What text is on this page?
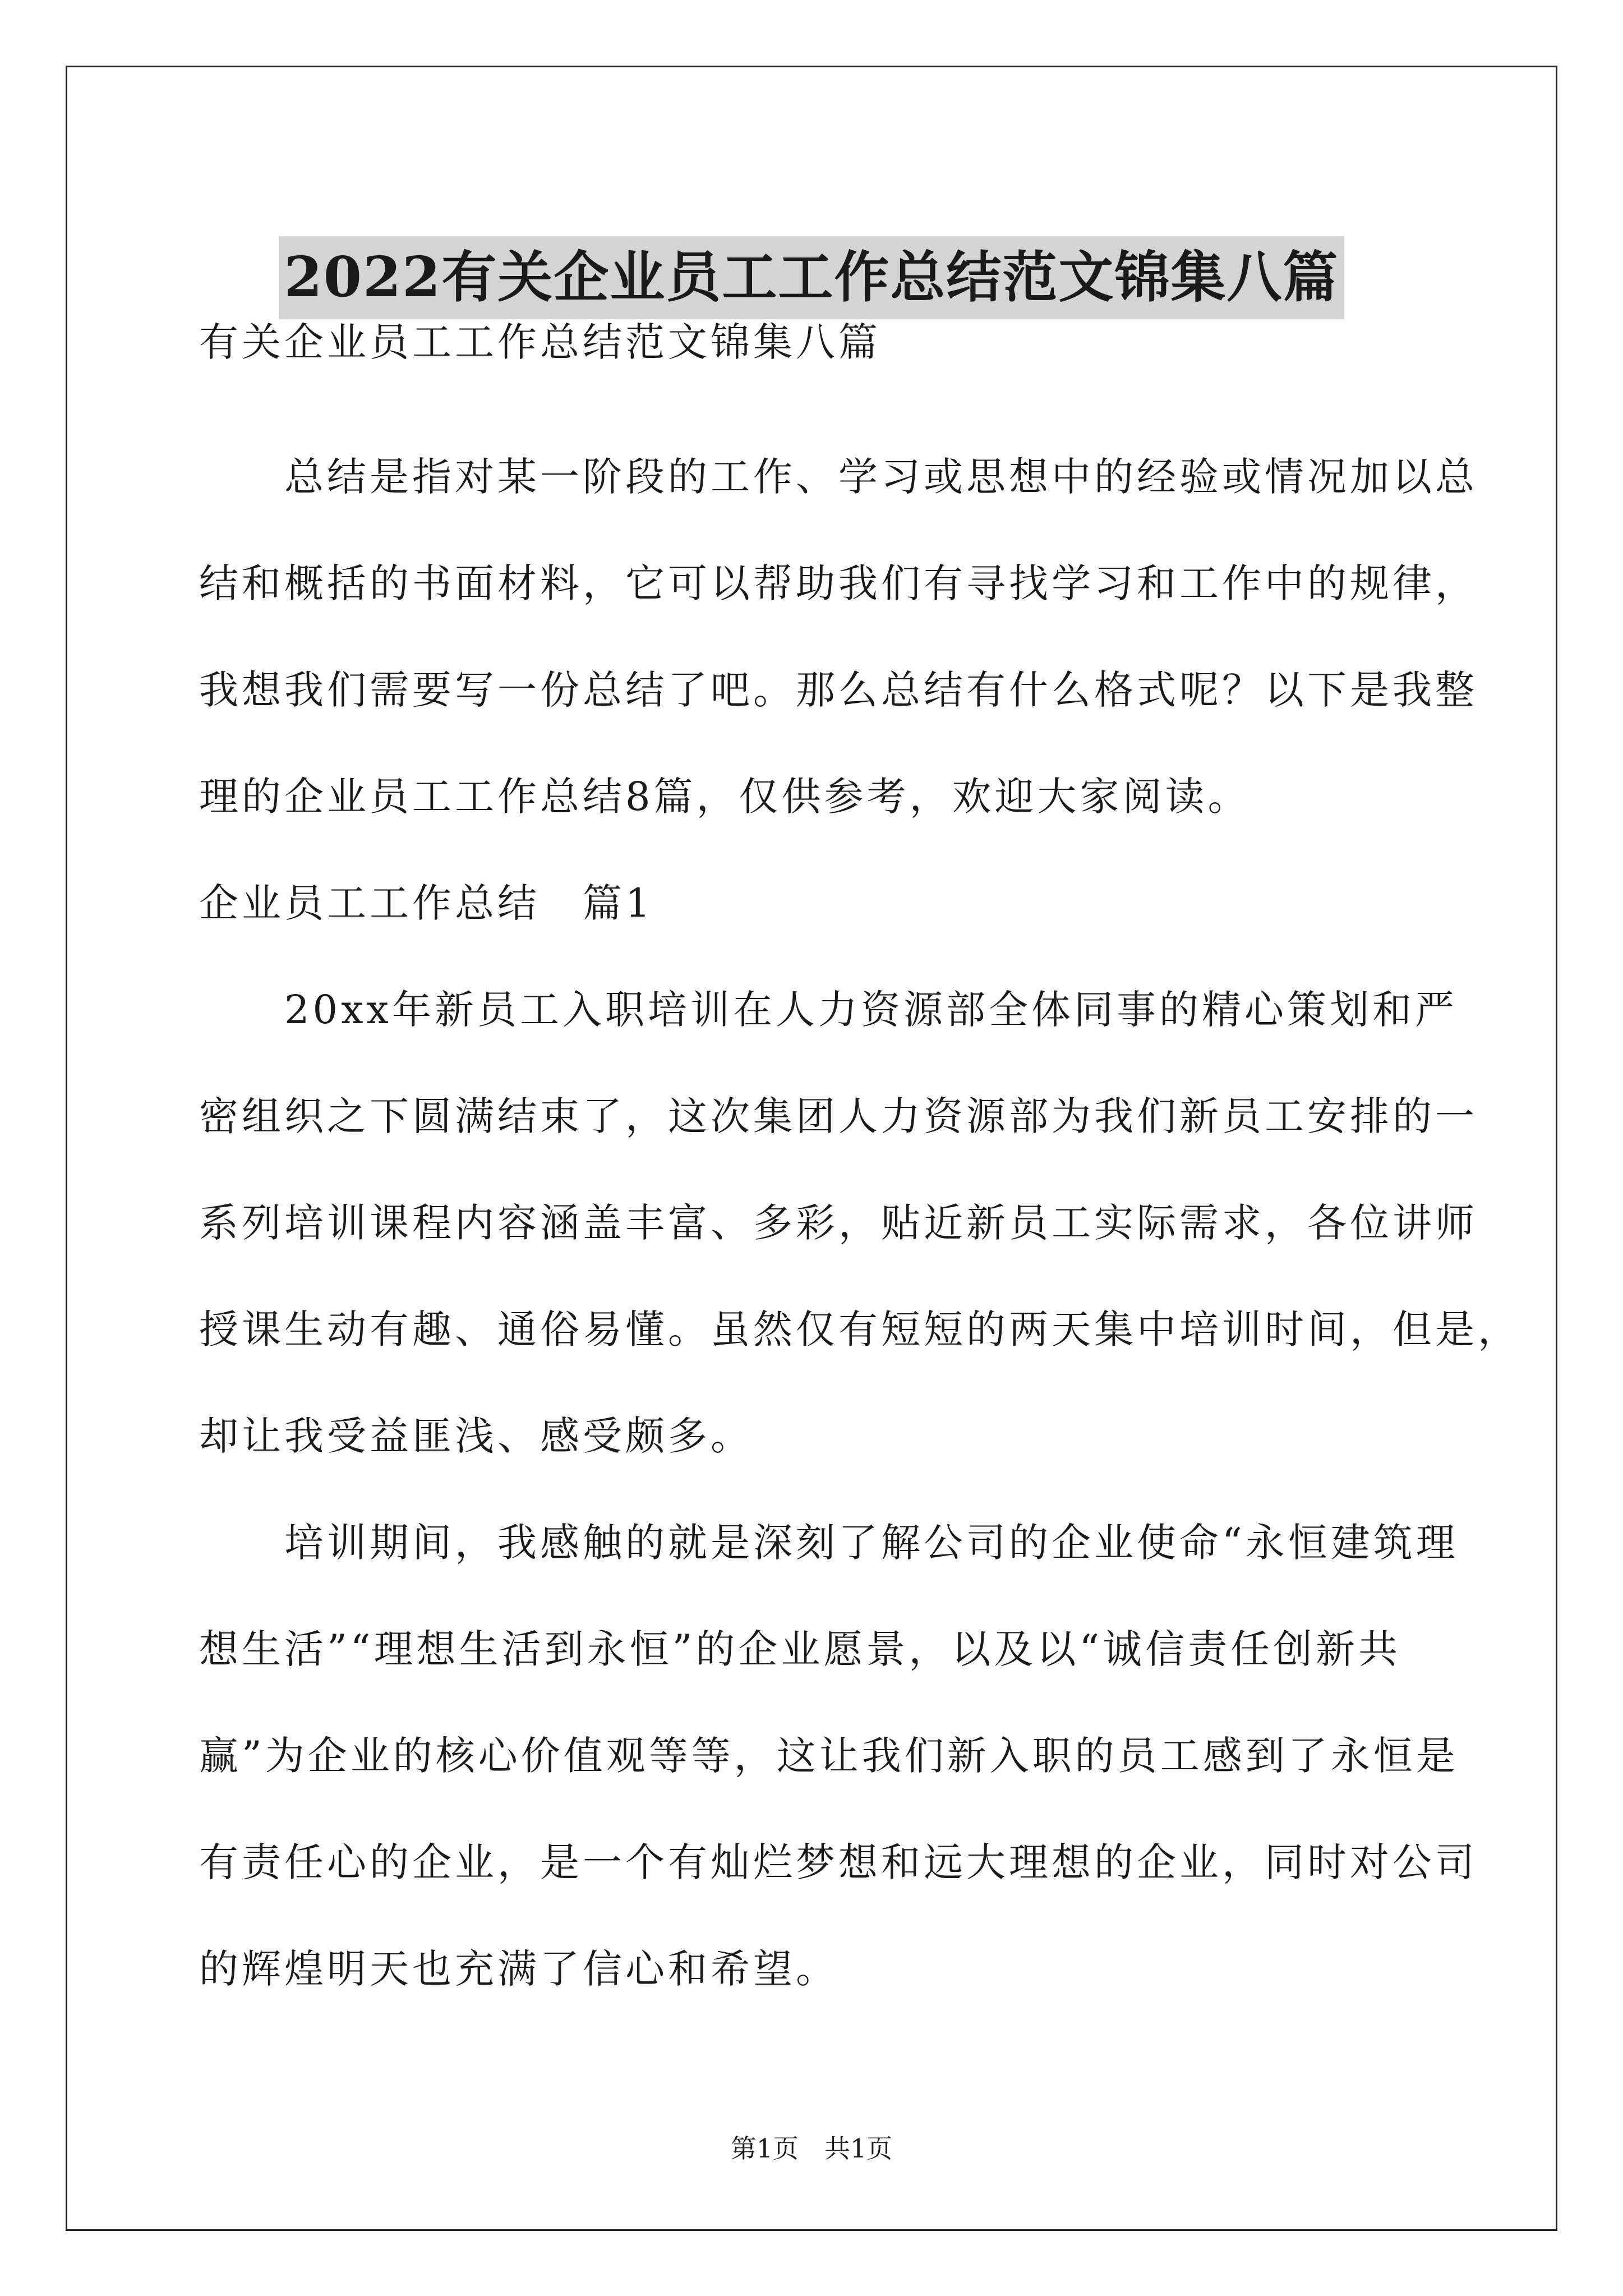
2022有关企业员工工作总结范文锦集八篇

有关企业员工工作总结范文锦集八篇

　　总结是指对某一阶段的工作、学习或思想中的经验或情况加以总

结和概括的书面材料，它可以帮助我们有寻找学习和工作中的规律，

我想我们需要写一份总结了吧。那么总结有什么格式呢？以下是我整

理的企业员工工作总结8篇，仅供参考，欢迎大家阅读。

企业员工工作总结　篇1

　　20xx年新员工入职培训在人力资源部全体同事的精心策划和严

密组织之下圆满结束了，这次集团人力资源部为我们新员工安排的一

系列培训课程内容涵盖丰富、多彩，贴近新员工实际需求，各位讲师

授课生动有趣、通俗易懂。虽然仅有短短的两天集中培训时间，但是，

却让我受益匪浅、感受颇多。

　　培训期间，我感触的就是深刻了解公司的企业使命“永恒建筑理

想生活”“理想生活到永恒”的企业愿景，以及以“诚信责任创新共

赢”为企业的核心价值观等等，这让我们新入职的员工感到了永恒是

有责任心的企业，是一个有灿烂梦想和远大理想的企业，同时对公司

的辉煌明天也充满了信心和希望。

第1页　共1页
